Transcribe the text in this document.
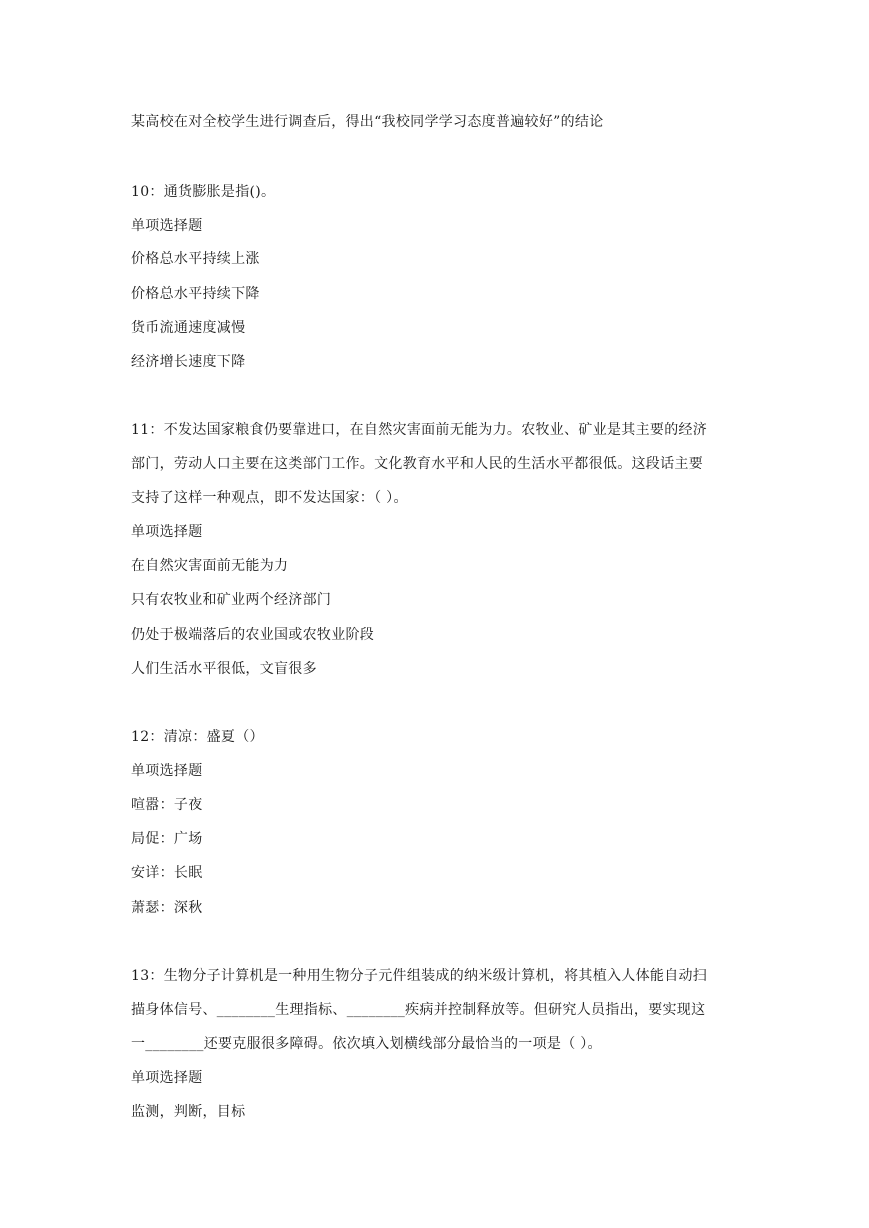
某高校在对全校学生进行调查后，得出“我校同学学习态度普遍较好”的结论
10：通货膨胀是指()。
单项选择题
价格总水平持续上涨
价格总水平持续下降
货币流通速度减慢
经济增长速度下降
11：不发达国家粮食仍要靠进口，在自然灾害面前无能为力。农牧业、矿业是其主要的经济
部门，劳动人口主要在这类部门工作。文化教育水平和人民的生活水平都很低。这段话主要
支持了这样一种观点，即不发达国家：（ ）。
单项选择题
在自然灾害面前无能为力
只有农牧业和矿业两个经济部门
仍处于极端落后的农业国或农牧业阶段
人们生活水平很低，文盲很多
12：清凉：盛夏（）
单项选择题
喧嚣：子夜
局促：广场
安详：长眠
萧瑟：深秋
13：生物分子计算机是一种用生物分子元件组装成的纳米级计算机，将其植入人体能自动扫
描身体信号、________生理指标、________疾病并控制释放等。但研究人员指出，要实现这
一________还要克服很多障碍。依次填入划横线部分最恰当的一项是（ ）。
单项选择题
监测，判断，目标
